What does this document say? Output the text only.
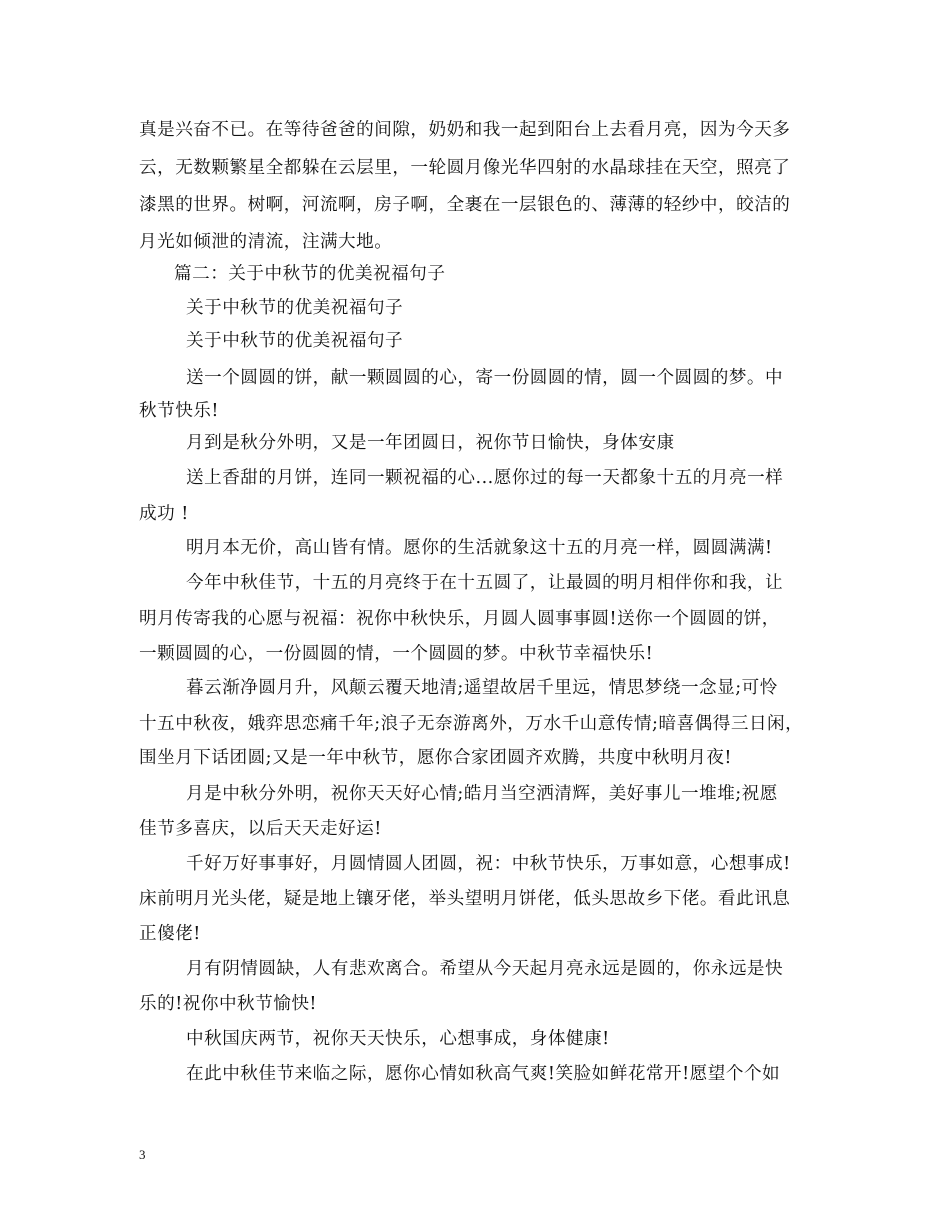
真是兴奋不已。在等待爸爸的间隙，奶奶和我一起到阳台上去看月亮，因为今天多
云，无数颗繁星全都躲在云层里，一轮圆月像光华四射的水晶球挂在天空，照亮了
漆黑的世界。树啊，河流啊，房子啊，全裹在一层银色的、薄薄的轻纱中，皎洁的
月光如倾泄的清流，注满大地。
篇二：关于中秋节的优美祝福句子
关于中秋节的优美祝福句子
关于中秋节的优美祝福句子
送一个圆圆的饼，献一颗圆圆的心，寄一份圆圆的情，圆一个圆圆的梦。中
秋节快乐!
月到是秋分外明，又是一年团圆日，祝你节日愉快，身体安康
送上香甜的月饼，连同一颗祝福的心...愿你过的每一天都象十五的月亮一样
成功 !
明月本无价，高山皆有情。愿你的生活就象这十五的月亮一样，圆圆满满!
今年中秋佳节，十五的月亮终于在十五圆了，让最圆的明月相伴你和我，让
明月传寄我的心愿与祝福：祝你中秋快乐，月圆人圆事事圆!送你一个圆圆的饼，
一颗圆圆的心，一份圆圆的情，一个圆圆的梦。中秋节幸福快乐!
暮云渐净圆月升，风颠云覆天地清;遥望故居千里远，情思梦绕一念显;可怜
十五中秋夜，娥弈思恋痛千年;浪子无奈游离外，万水千山意传情;暗喜偶得三日闲，
围坐月下话团圆;又是一年中秋节，愿你合家团圆齐欢腾，共度中秋明月夜!
月是中秋分外明，祝你天天好心情;皓月当空洒清辉，美好事儿一堆堆;祝愿
佳节多喜庆，以后天天走好运!
千好万好事事好，月圆情圆人团圆，祝：中秋节快乐，万事如意，心想事成!
床前明月光头佬，疑是地上镶牙佬，举头望明月饼佬，低头思故乡下佬。看此讯息
正傻佬!
月有阴情圆缺，人有悲欢离合。希望从今天起月亮永远是圆的，你永远是快
乐的!祝你中秋节愉快!
中秋国庆两节，祝你天天快乐，心想事成，身体健康!
在此中秋佳节来临之际，愿你心情如秋高气爽!笑脸如鲜花常开!愿望个个如
3
